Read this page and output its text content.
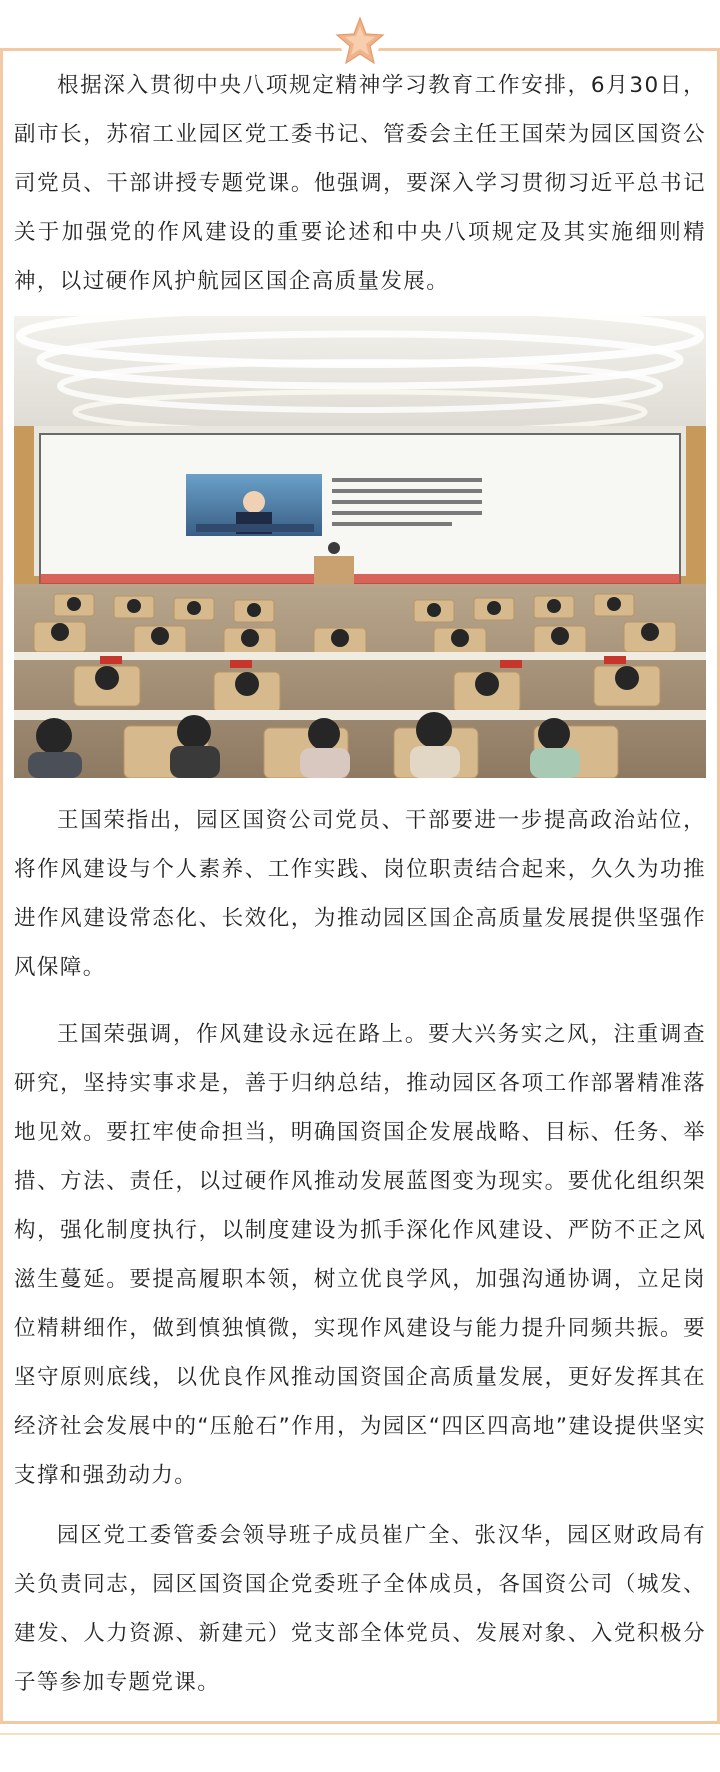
根据深入贯彻中央八项规定精神学习教育工作安排，6月30日，副市长，苏宿工业园区党工委书记、管委会主任王国荣为园区国资公司党员、干部讲授专题党课。他强调，要深入学习贯彻习近平总书记关于加强党的作风建设的重要论述和中央八项规定及其实施细则精神，以过硬作风护航园区国企高质量发展。

王国荣指出，园区国资公司党员、干部要进一步提高政治站位，将作风建设与个人素养、工作实践、岗位职责结合起来，久久为功推进作风建设常态化、长效化，为推动园区国企高质量发展提供坚强作风保障。

王国荣强调，作风建设永远在路上。要大兴务实之风，注重调查研究，坚持实事求是，善于归纳总结，推动园区各项工作部署精准落地见效。要扛牢使命担当，明确国资国企发展战略、目标、任务、举措、方法、责任，以过硬作风推动发展蓝图变为现实。要优化组织架构，强化制度执行，以制度建设为抓手深化作风建设、严防不正之风滋生蔓延。要提高履职本领，树立优良学风，加强沟通协调，立足岗位精耕细作，做到慎独慎微，实现作风建设与能力提升同频共振。要坚守原则底线，以优良作风推动国资国企高质量发展，更好发挥其在经济社会发展中的“压舱石”作用，为园区“四区四高地”建设提供坚实支撑和强劲动力。

园区党工委管委会领导班子成员崔广全、张汉华，园区财政局有关负责同志，园区国资国企党委班子全体成员，各国资公司（城发、建发、人力资源、新建元）党支部全体党员、发展对象、入党积极分子等参加专题党课。
